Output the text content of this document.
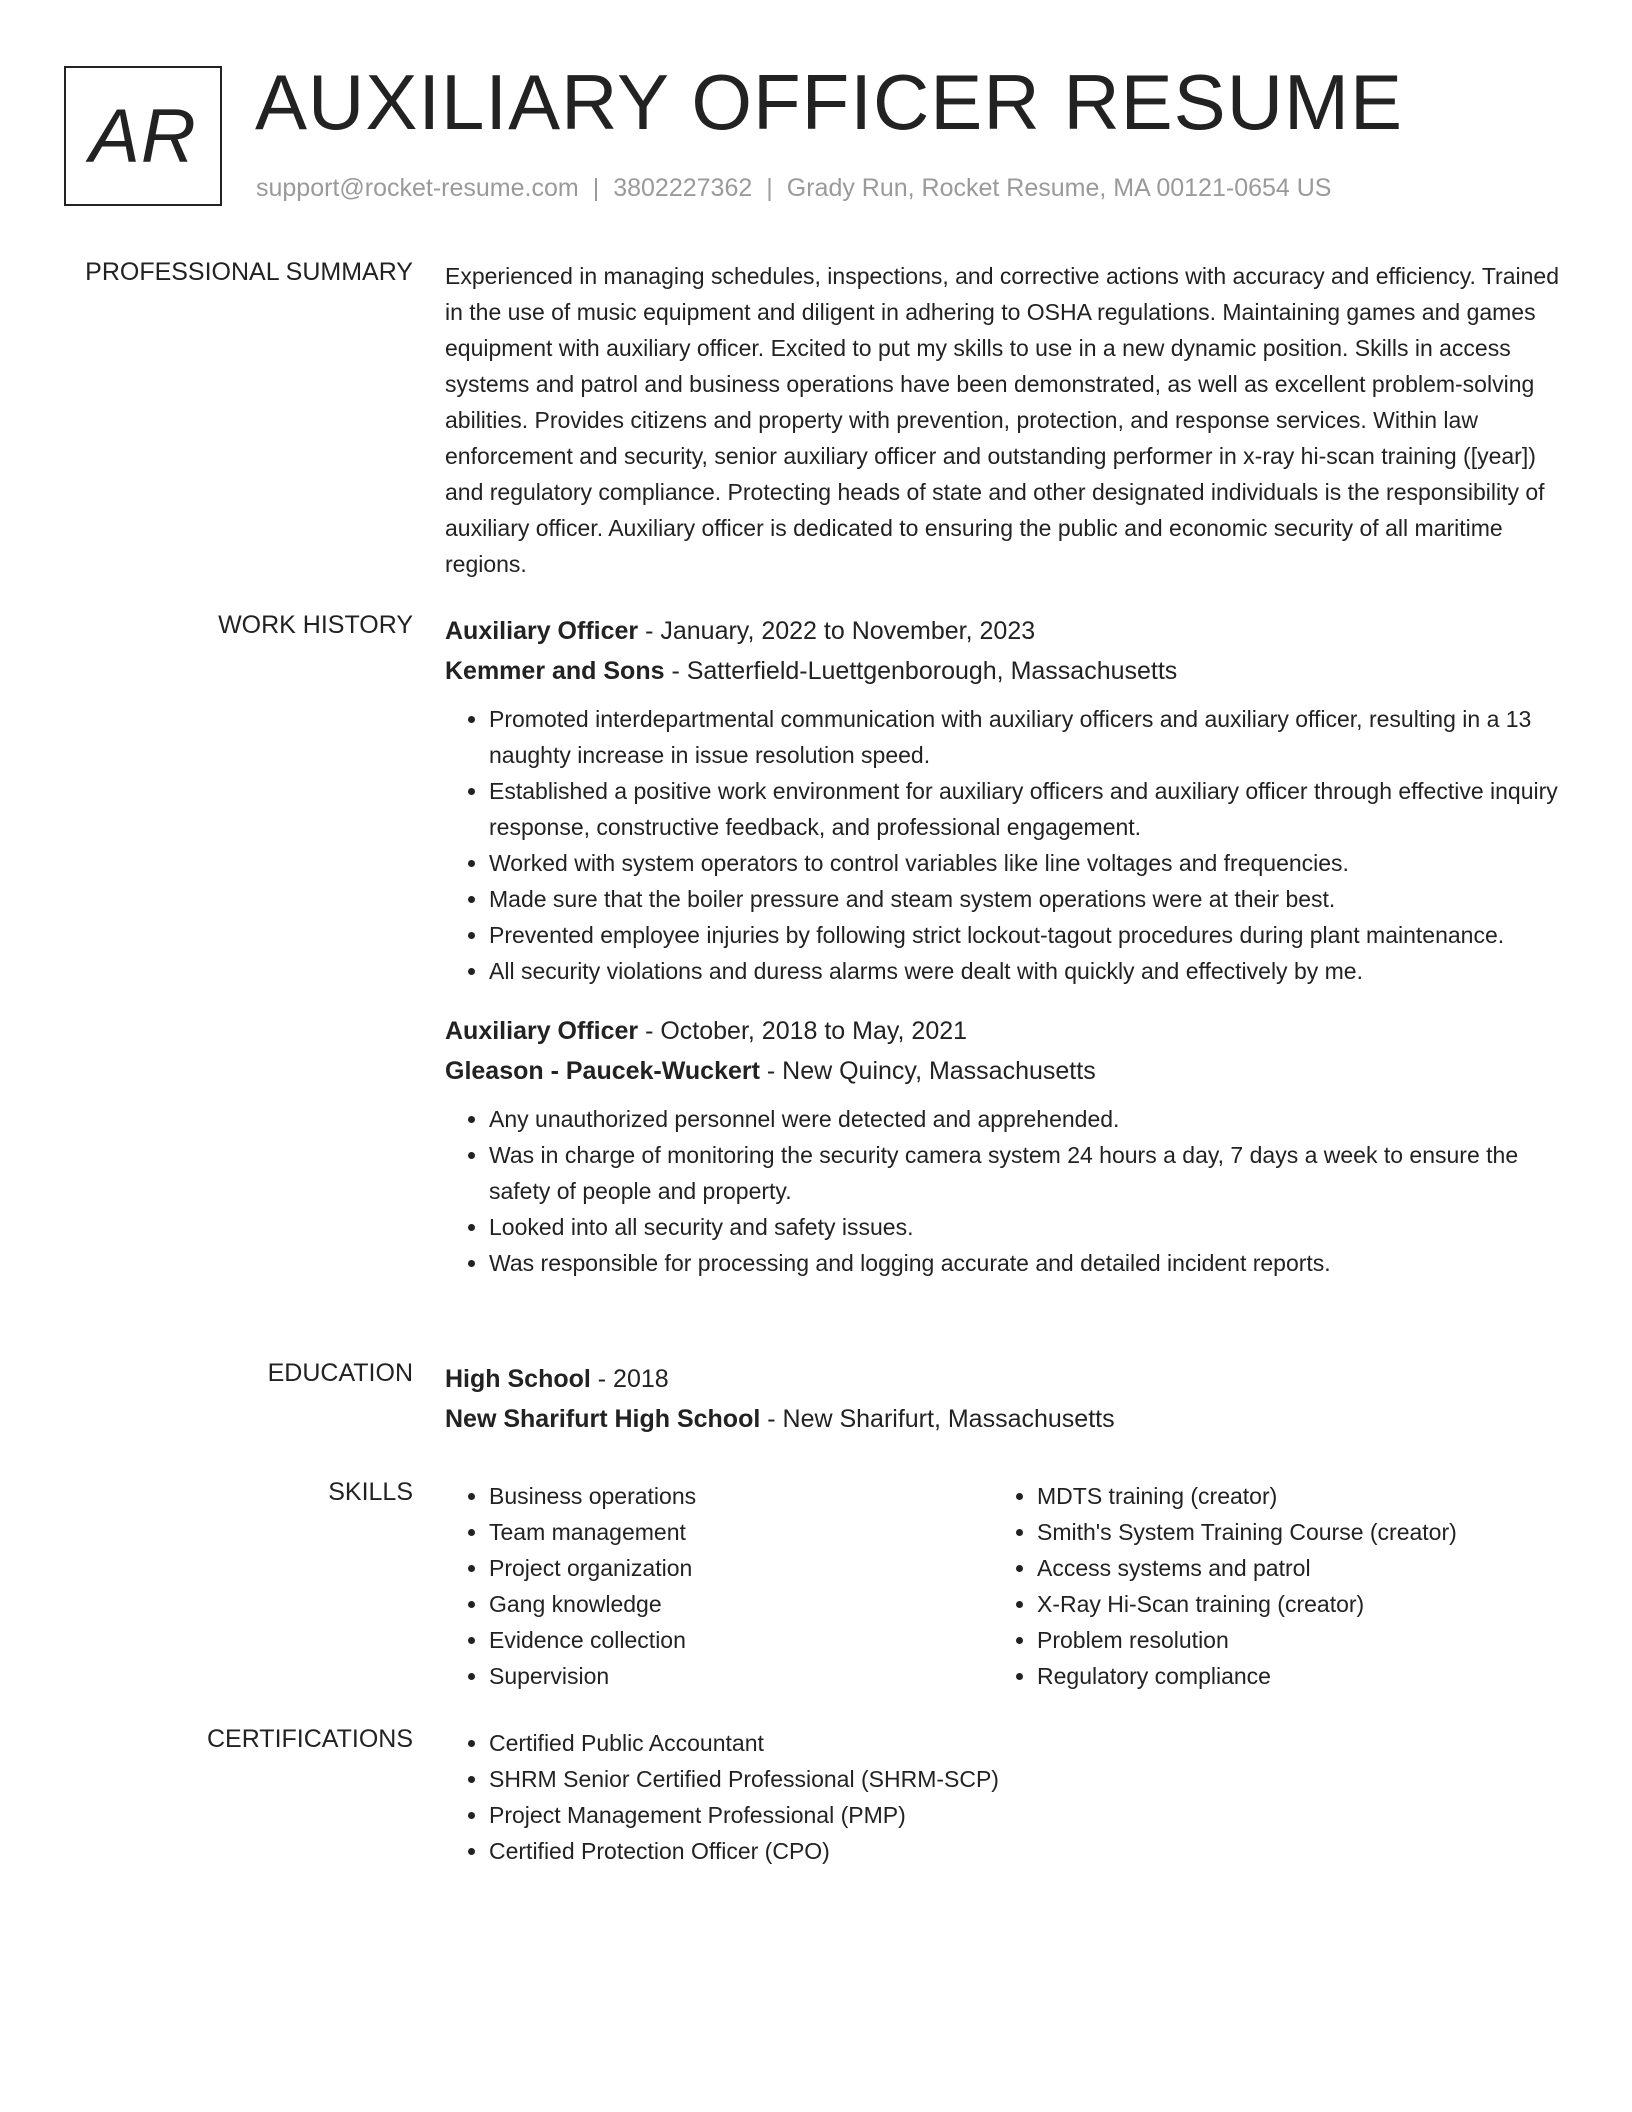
AR AUXILIARY OFFICER RESUME
support@rocket-resume.com | 3802227362 | Grady Run, Rocket Resume, MA 00121-0654 US
PROFESSIONAL SUMMARY Experienced in managing schedules, inspections, and corrective actions with accuracy and efficiency. Trained in the use of music equipment and diligent in adhering to OSHA regulations. Maintaining games and games equipment with auxiliary officer. Excited to put my skills to use in a new dynamic position. Skills in access systems and patrol and business operations have been demonstrated, as well as excellent problem-solving abilities. Provides citizens and property with prevention, protection, and response services. Within law enforcement and security, senior auxiliary officer and outstanding performer in x-ray hi-scan training ([year]) and regulatory compliance. Protecting heads of state and other designated individuals is the responsibility of auxiliary officer. Auxiliary officer is dedicated to ensuring the public and economic security of all maritime regions.

WORK HISTORY Auxiliary Officer - January, 2022 to November, 2023
Kemmer and Sons - Satterfield-Luettgenborough, Massachusetts
• Promoted interdepartmental communication with auxiliary officers and auxiliary officer, resulting in a 13 naughty increase in issue resolution speed.
• Established a positive work environment for auxiliary officers and auxiliary officer through effective inquiry response, constructive feedback, and professional engagement.
• Worked with system operators to control variables like line voltages and frequencies.
• Made sure that the boiler pressure and steam system operations were at their best.
• Prevented employee injuries by following strict lockout-tagout procedures during plant maintenance.
• All security violations and duress alarms were dealt with quickly and effectively by me.
Auxiliary Officer - October, 2018 to May, 2021
Gleason - Paucek-Wuckert - New Quincy, Massachusetts
• Any unauthorized personnel were detected and apprehended.
• Was in charge of monitoring the security camera system 24 hours a day, 7 days a week to ensure the safety of people and property.
• Looked into all security and safety issues.
• Was responsible for processing and logging accurate and detailed incident reports.
EDUCATION High School - 2018
New Sharifurt High School - New Sharifurt, Massachusetts
SKILLS	• Business operations
• Team management
• Project organization
• Gang knowledge
• Evidence collection
• Supervision
• MDTS training (creator)
• Smith's System Training Course (creator)
• Access systems and patrol
• X-Ray Hi-Scan training (creator)
• Problem resolution
• Regulatory compliance
CERTIFICATIONS	• Certified Public Accountant
• SHRM Senior Certified Professional (SHRM-SCP)
• Project Management Professional (PMP)
• Certified Protection Officer (CPO)
